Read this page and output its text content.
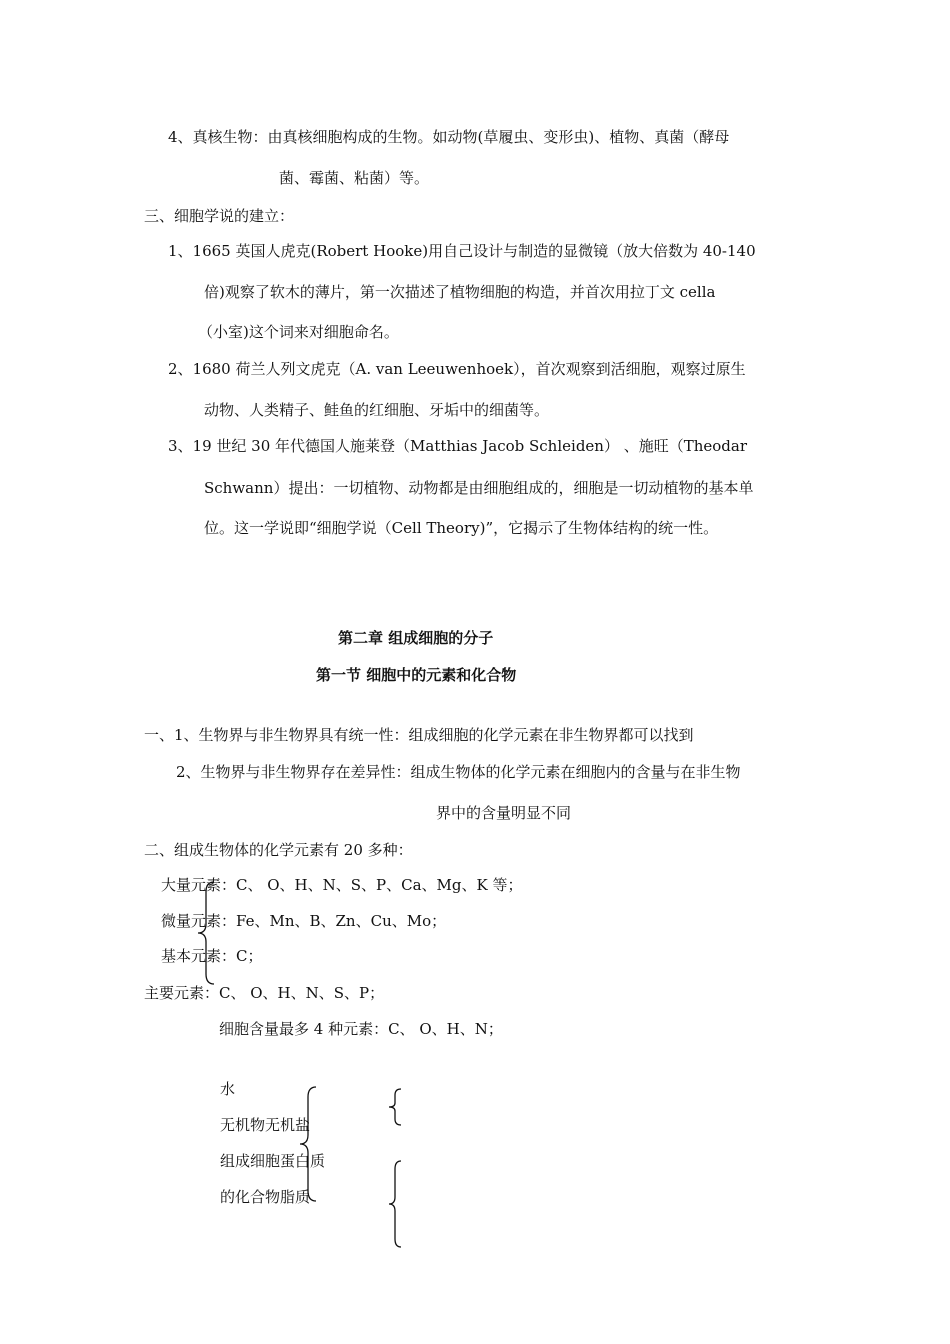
4、真核生物：由真核细胞构成的生物。如动物(草履虫、变形虫)、植物、真菌（酵母
菌、霉菌、粘菌）等。
三、细胞学说的建立：
1、1665 英国人虎克(Robert Hooke)用自己设计与制造的显微镜（放大倍数为 40-140
倍)观察了软木的薄片，第一次描述了植物细胞的构造，并首次用拉丁文 cella
（小室)这个词来对细胞命名。
2、1680 荷兰人列文虎克（A. van Leeuwenhoek），首次观察到活细胞，观察过原生
动物、人类精子、鲑鱼的红细胞、牙垢中的细菌等。
3、19 世纪 30 年代德国人施莱登（Matthias Jacob Schleiden） 、施旺（Theodar
Schwann）提出：一切植物、动物都是由细胞组成的，细胞是一切动植物的基本单
位。这一学说即“细胞学说（Cell Theory)”，它揭示了生物体结构的统一性。
第二章 组成细胞的分子
第一节 细胞中的元素和化合物
一、1、生物界与非生物界具有统一性：组成细胞的化学元素在非生物界都可以找到
2、生物界与非生物界存在差异性：组成生物体的化学元素在细胞内的含量与在非生物
界中的含量明显不同
二、组成生物体的化学元素有 20 多种：
大量元素：C、 O、H、N、S、P、Ca、Mg、K 等；
微量元素：Fe、Mn、B、Zn、Cu、Mo；
基本元素：C；
主要元素：C、 O、H、N、S、P；
细胞含量最多 4 种元素：C、 O、H、N；
水
无机物无机盐
组成细胞蛋白质
的化合物脂质
